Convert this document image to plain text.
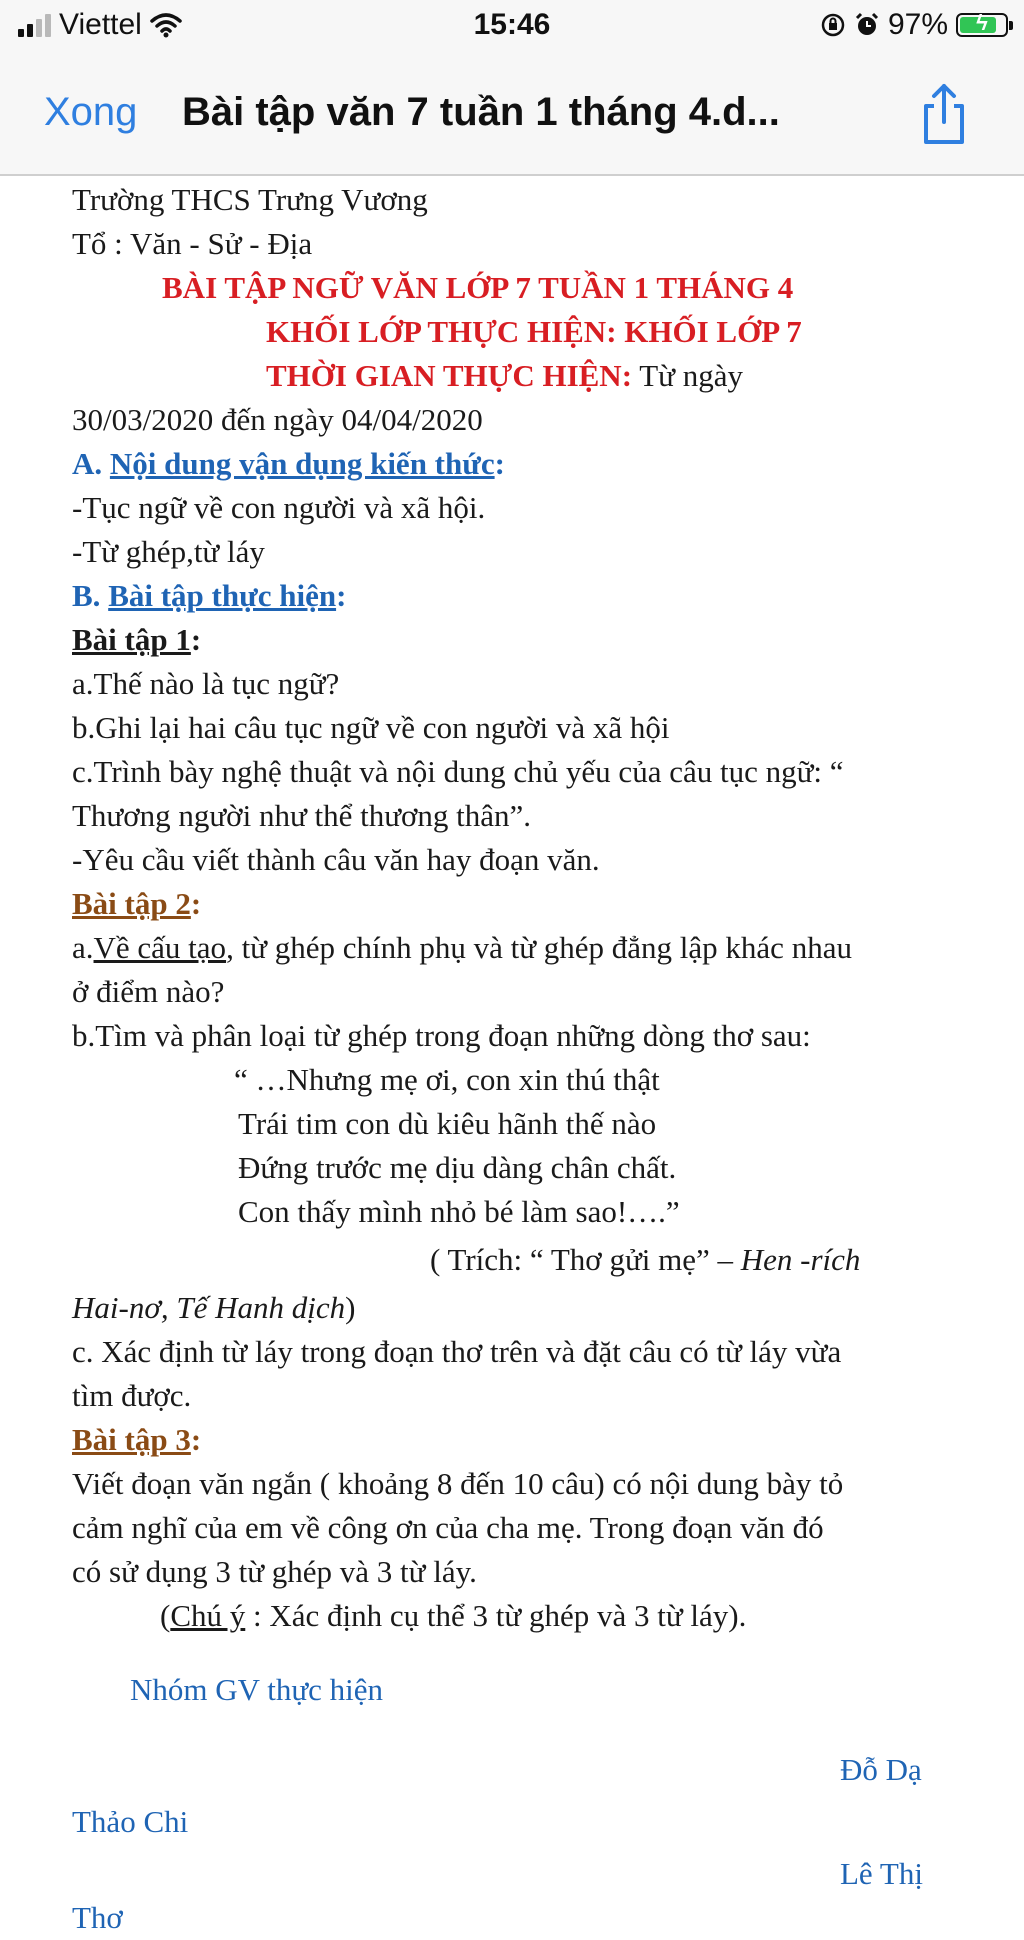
Viettel	15:46	97%	ϟ
Xong Bài tập văn 7 tuần 1 tháng 4.d...

Trường THCS Trưng Vương

Tổ : Văn - Sử - Địa

BÀI TẬP NGỮ VĂN LỚP 7 TUẦN 1 THÁNG 4

KHỐI LỚP THỰC HIỆN: KHỐI LỚP 7

THỜI GIAN THỰC HIỆN: Từ ngày

30/03/2020 đến ngày 04/04/2020

A. Nội dung vận dụng kiến thức:

-Tục ngữ về con người và xã hội.

-Từ ghép,từ láy

B. Bài tập thực hiện:

Bài tập 1:

a.Thế nào là tục ngữ?

b.Ghi lại hai câu tục ngữ về con người và xã hội

c.Trình bày nghệ thuật và nội dung chủ yếu của câu tục ngữ: “

Thương người như thể thương thân”.

-Yêu cầu viết thành câu văn hay đoạn văn.

Bài tập 2:

a.Về cấu tạo, từ ghép chính phụ và từ ghép đẳng lập khác nhau

ở điểm nào?

b.Tìm và phân loại từ ghép trong đoạn những dòng thơ sau:

“ …Nhưng mẹ ơi, con xin thú thật

Trái tim con dù kiêu hãnh thế nào

Đứng trước mẹ dịu dàng chân chất.

Con thấy mình nhỏ bé làm sao!….”

( Trích: “ Thơ gửi mẹ” – Hen -rích

Hai-nơ, Tế Hanh dịch)

c. Xác định từ láy trong đoạn thơ trên và đặt câu có từ láy vừa

tìm được.

Bài tập 3:

Viết đoạn văn ngắn ( khoảng 8 đến 10 câu) có nội dung bày tỏ

cảm nghĩ của em về công ơn của cha mẹ. Trong đoạn văn đó

có sử dụng 3 từ ghép và 3 từ láy.

(Chú ý : Xác định cụ thể 3 từ ghép và 3 từ láy).

Nhóm GV thực hiện

Đỗ Dạ

Thảo Chi

Lê Thị

Thơ
